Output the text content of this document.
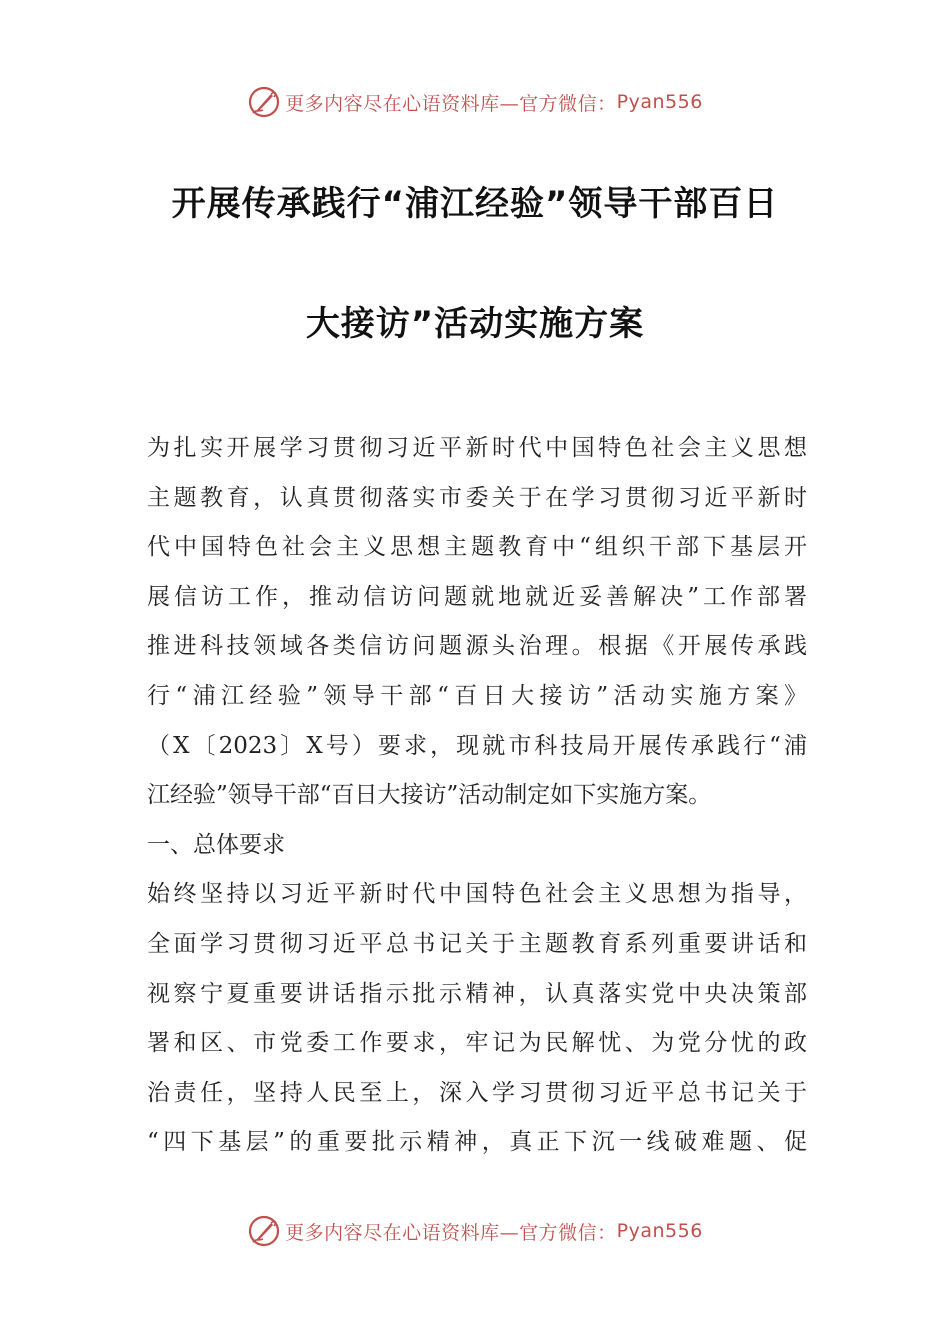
更多内容尽在心语资料库—官方微信： Pyan556
开展传承践行“浦江经验”领导干部百日
大接访”活动实施方案
为扎实开展学习贯彻习近平新时代中国特色社会主义思想
主题教育，认真贯彻落实市委关于在学习贯彻习近平新时
代中国特色社会主义思想主题教育中“组织干部下基层开
展信访工作，推动信访问题就地就近妥善解决”工作部署
推进科技领域各类信访问题源头治理。根据《开展传承践
行“浦江经验”领导干部“百日大接访”活动实施方案》
（X〔2023〕X号）要求，现就市科技局开展传承践行“浦
江经验”领导干部“百日大接访”活动制定如下实施方案。
一、总体要求
始终坚持以习近平新时代中国特色社会主义思想为指导，
全面学习贯彻习近平总书记关于主题教育系列重要讲话和
视察宁夏重要讲话指示批示精神，认真落实党中央决策部
署和区、市党委工作要求，牢记为民解忧、为党分忧的政
治责任，坚持人民至上，深入学习贯彻习近平总书记关于
“四下基层”的重要批示精神，真正下沉一线破难题、促
更多内容尽在心语资料库—官方微信： Pyan556
